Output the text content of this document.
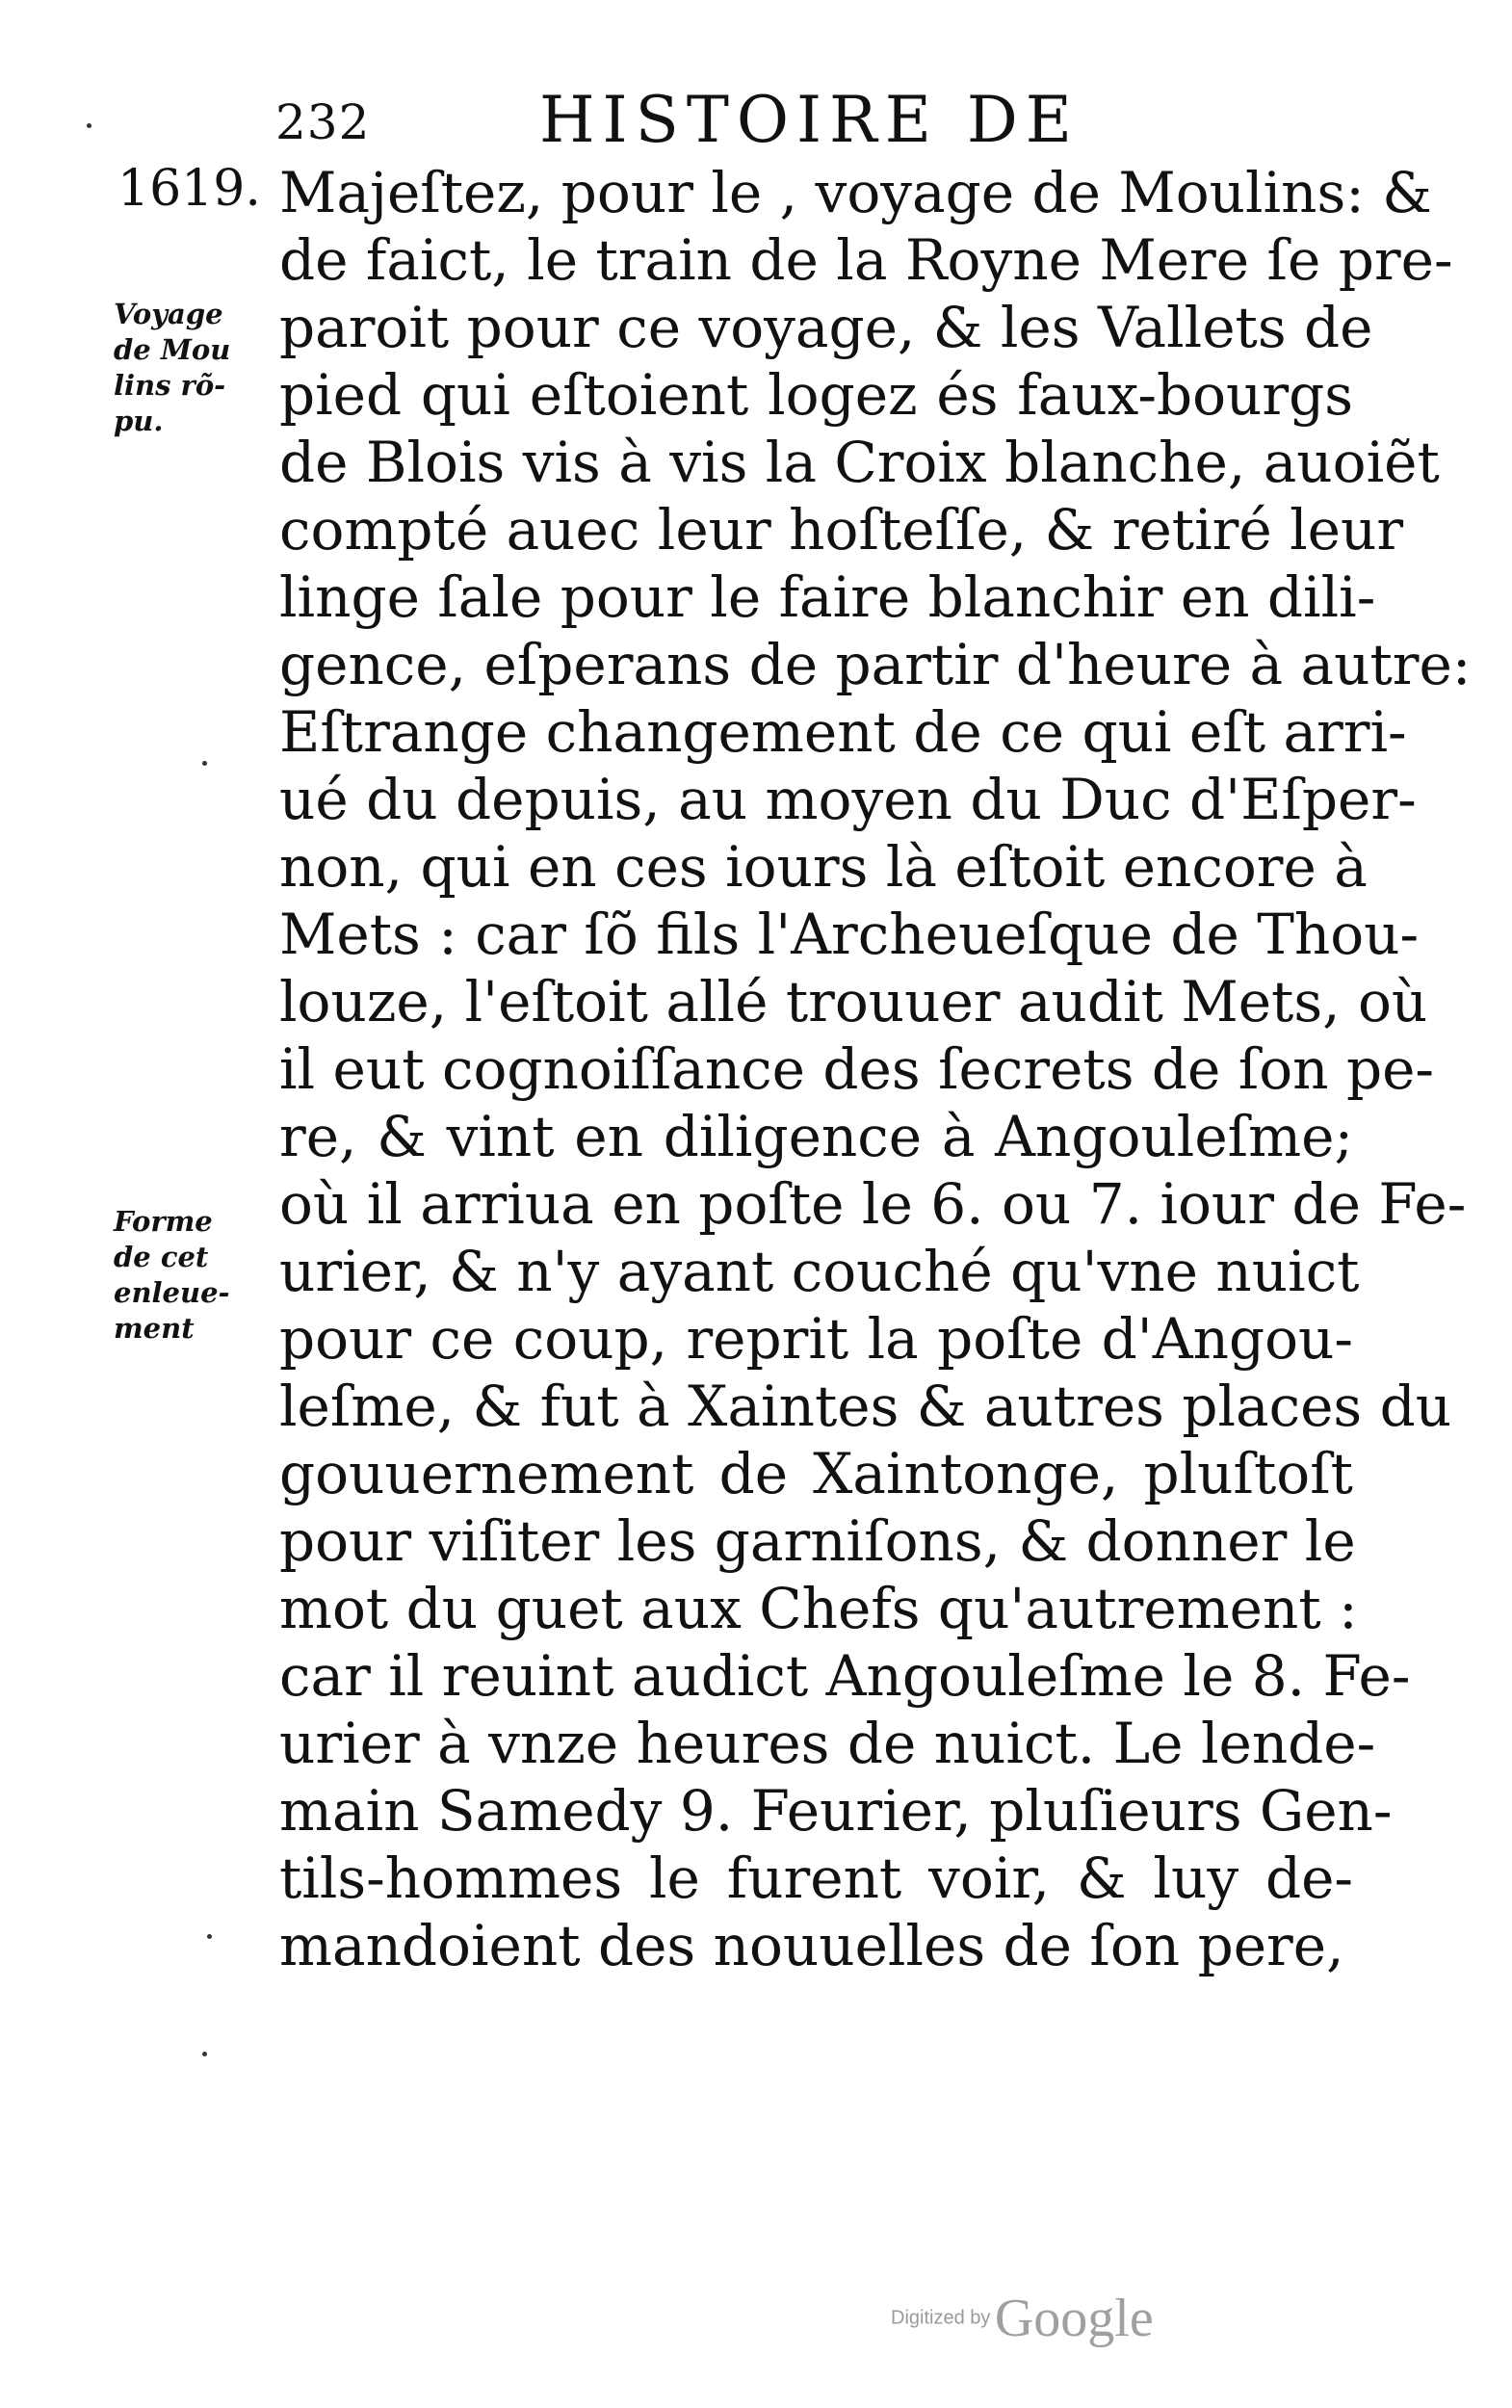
232	HISTOIRE DE
1619.
Voyage
de Mou
lins rõ-
pu.
Forme
de cet
enleue-
ment
Majeſtez, pour le , voyage de Moulins: &
de faict, le train de la Royne Mere ſe pre-
paroit pour ce voyage, & les Vallets de
pied qui eſtoient logez és faux-bourgs
de Blois vis à vis la Croix blanche, auoiẽt
compté auec leur hoſteſſe, & retiré leur
linge ſale pour le faire blanchir en dili-
gence, eſperans de partir d'heure à autre:
Eſtrange changement de ce qui eſt arri-
ué du depuis, au moyen du Duc d'Eſper-
non, qui en ces iours là eſtoit encore à
Mets : car ſõ fils l'Archeueſque de Thou-
louze, l'eſtoit allé trouuer audit Mets, où
il eut cognoiſſance des ſecrets de ſon pe-
re, & vint en diligence à Angouleſme;
où il arriua en poſte le 6. ou 7. iour de Fe-
urier, & n'y ayant couché qu'vne nuict
pour ce coup, reprit la poſte d'Angou-
leſme, & fut à Xaintes & autres places du
gouuernement de Xaintonge, pluſtoſt
pour viſiter les garniſons, & donner le
mot du guet aux Chefs qu'autrement :
car il reuint audict Angouleſme le 8. Fe-
urier à vnze heures de nuict. Le lende-
main Samedy 9. Feurier, pluſieurs Gen-
tils-hommes le furent voir, & luy de-
mandoient des nouuelles de ſon pere,
Digitized by Google
